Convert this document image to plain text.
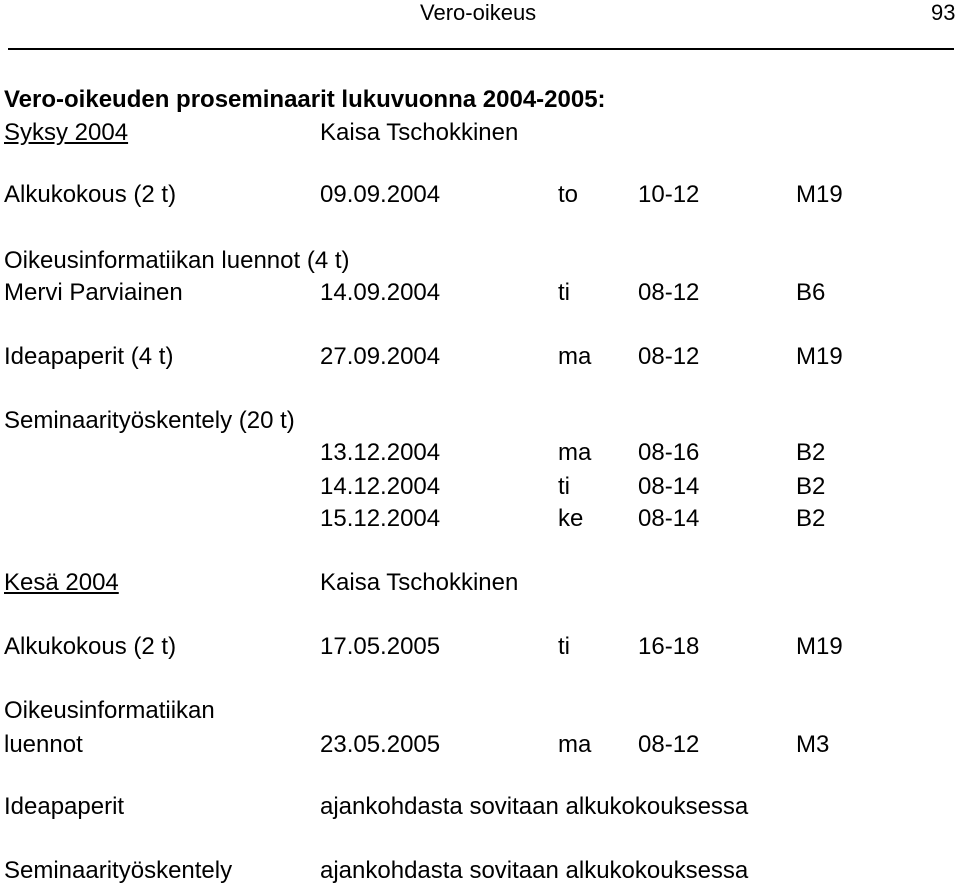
Vero-oikeus	93
Vero-oikeuden proseminaarit lukuvuonna 2004-2005:
Syksy 2004	Kaisa Tschokkinen
Alkukokous (2 t)	09.09.2004	to 10-12	M19
Oikeusinformatiikan luennot (4 t)
Mervi Parviainen	14.09.2004	ti	08-12	B6
Ideapaperit (4 t)	27.09.2004	ma 08-12	M19
Seminaarityöskentely (20 t)
13.12.2004	ma 08-16	B2
14.12.2004	ti	08-14	B2
15.12.2004	ke 08-14	B2
Kesä 2004	Kaisa Tschokkinen
Alkukokous (2 t)	17.05.2005	ti	16-18	M19
Oikeusinformatiikan
luennot	23.05.2005	ma 08-12	M3
Ideapaperit	ajankohdasta sovitaan alkukokouksessa
Seminaarityöskentely	ajankohdasta sovitaan alkukokouksessa
